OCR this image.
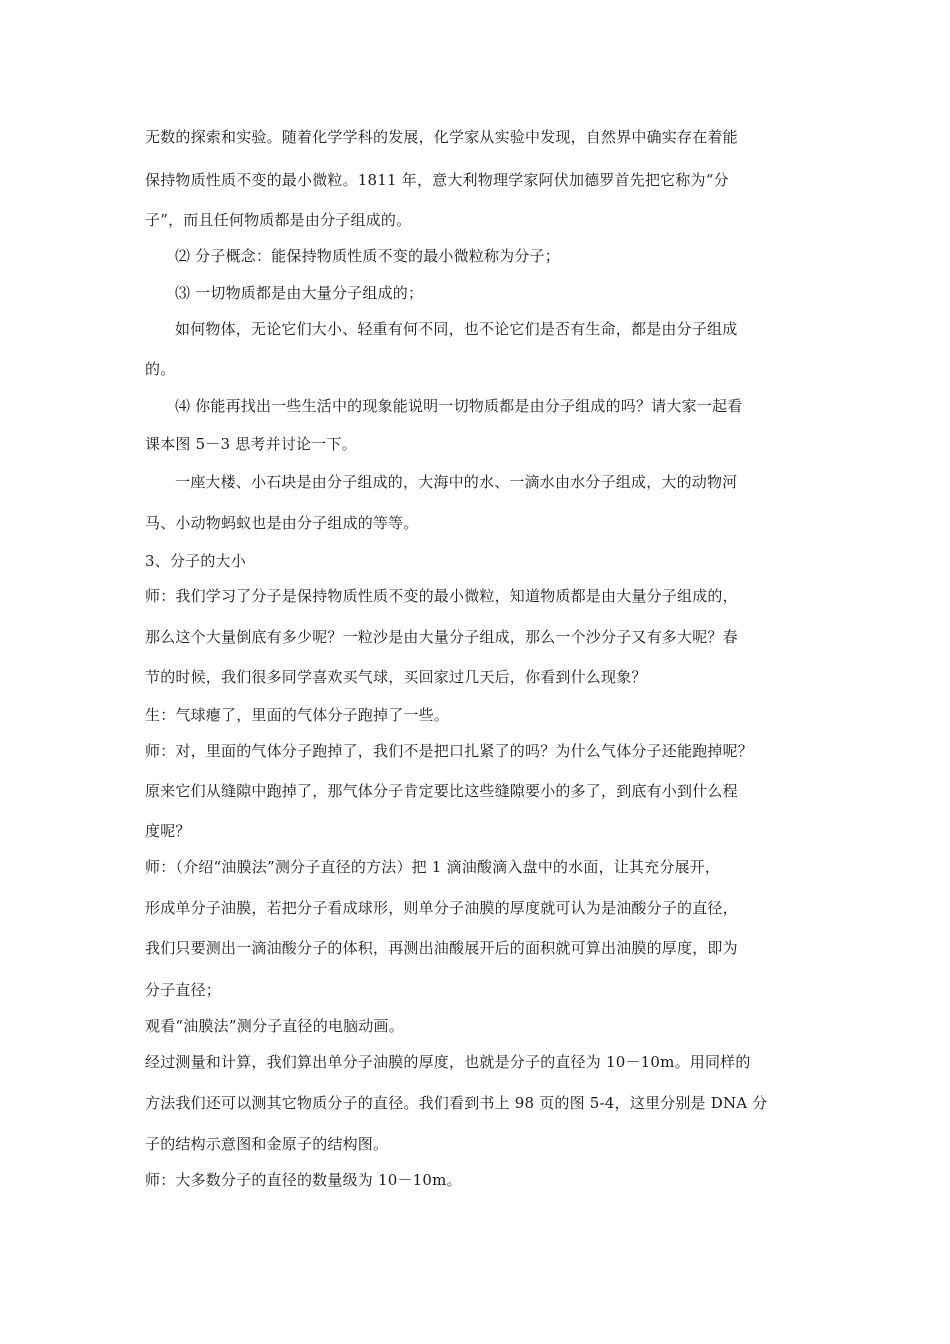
无数的探索和实验。随着化学学科的发展，化学家从实验中发现，自然界中确实存在着能
保持物质性质不变的最小微粒。1811 年，意大利物理学家阿伏加德罗首先把它称为“分
子”，而且任何物质都是由分子组成的。
⑵ 分子概念：能保持物质性质不变的最小微粒称为分子；
⑶ 一切物质都是由大量分子组成的；
如何物体，无论它们大小、轻重有何不同，也不论它们是否有生命，都是由分子组成
的。
⑷ 你能再找出一些生活中的现象能说明一切物质都是由分子组成的吗？请大家一起看
课本图 5－3 思考并讨论一下。
一座大楼、小石块是由分子组成的，大海中的水、一滴水由水分子组成，大的动物河
马、小动物蚂蚁也是由分子组成的等等。
3、分子的大小
师：我们学习了分子是保持物质性质不变的最小微粒，知道物质都是由大量分子组成的，
那么这个大量倒底有多少呢？一粒沙是由大量分子组成，那么一个沙分子又有多大呢？春
节的时候，我们很多同学喜欢买气球，买回家过几天后，你看到什么现象？
生：气球瘪了，里面的气体分子跑掉了一些。
师：对，里面的气体分子跑掉了，我们不是把口扎紧了的吗？为什么气体分子还能跑掉呢？
原来它们从缝隙中跑掉了，那气体分子肯定要比这些缝隙要小的多了，到底有小到什么程
度呢？
师：（介绍“油膜法”测分子直径的方法）把 1 滴油酸滴入盘中的水面，让其充分展开，
形成单分子油膜，若把分子看成球形，则单分子油膜的厚度就可认为是油酸分子的直径，
我们只要测出一滴油酸分子的体积，再测出油酸展开后的面积就可算出油膜的厚度，即为
分子直径；
观看“油膜法”测分子直径的电脑动画。
经过测量和计算，我们算出单分子油膜的厚度，也就是分子的直径为 10－10m。用同样的
方法我们还可以测其它物质分子的直径。我们看到书上 98 页的图 5-4，这里分别是 DNA 分
子的结构示意图和金原子的结构图。
师：大多数分子的直径的数量级为 10－10m。
